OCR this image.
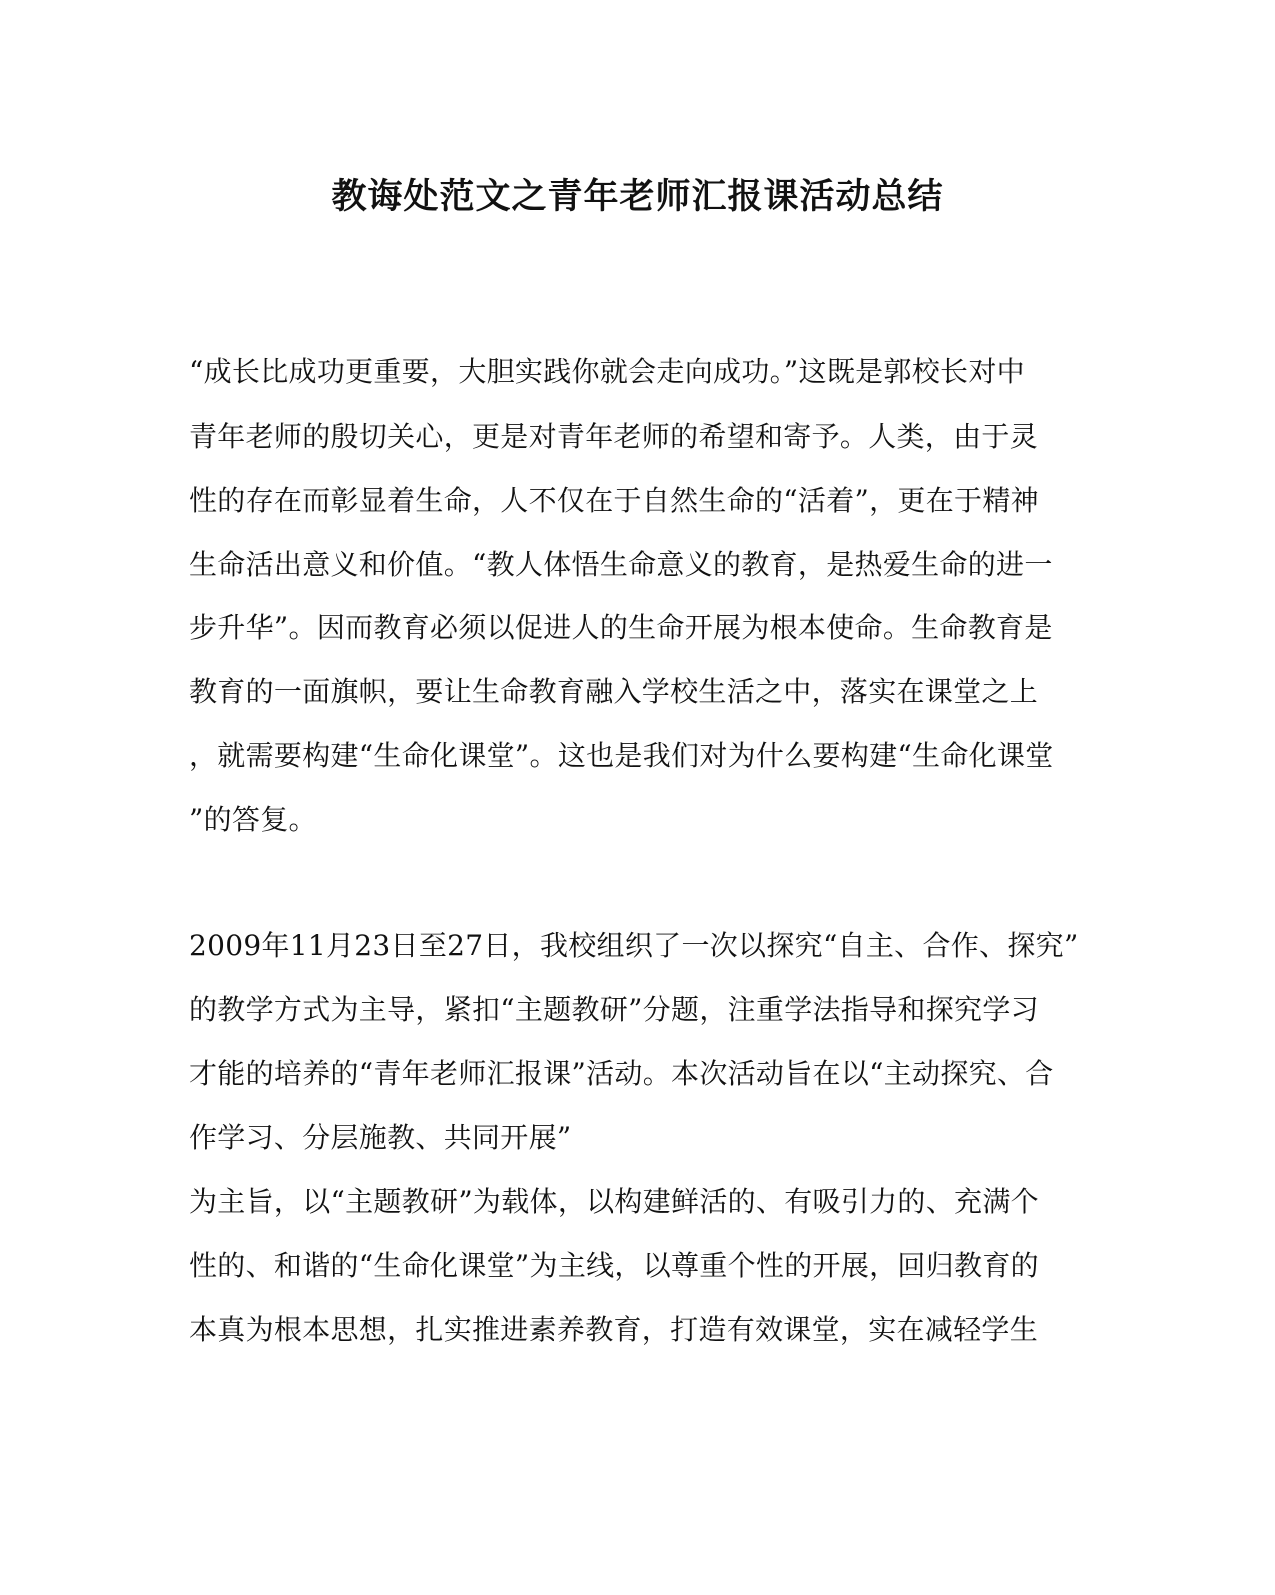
教诲处范文之青年老师汇报课活动总结
“成长比成功更重要，大胆实践你就会走向成功。”这既是郭校长对中
青年老师的殷切关心，更是对青年老师的希望和寄予。人类，由于灵
性的存在而彰显着生命，人不仅在于自然生命的“活着”，更在于精神
生命活出意义和价值。“教人体悟生命意义的教育，是热爱生命的进一
步升华”。因而教育必须以促进人的生命开展为根本使命。生命教育是
教育的一面旗帜，要让生命教育融入学校生活之中，落实在课堂之上
，就需要构建“生命化课堂”。这也是我们对为什么要构建“生命化课堂
”的答复。
2009年11月23日至27日，我校组织了一次以探究“自主、合作、探究”
的教学方式为主导，紧扣“主题教研”分题，注重学法指导和探究学习
才能的培养的“青年老师汇报课”活动。本次活动旨在以“主动探究、合
作学习、分层施教、共同开展”
为主旨，以“主题教研”为载体，以构建鲜活的、有吸引力的、充满个
性的、和谐的“生命化课堂”为主线，以尊重个性的开展，回归教育的
本真为根本思想，扎实推进素养教育，打造有效课堂，实在减轻学生
